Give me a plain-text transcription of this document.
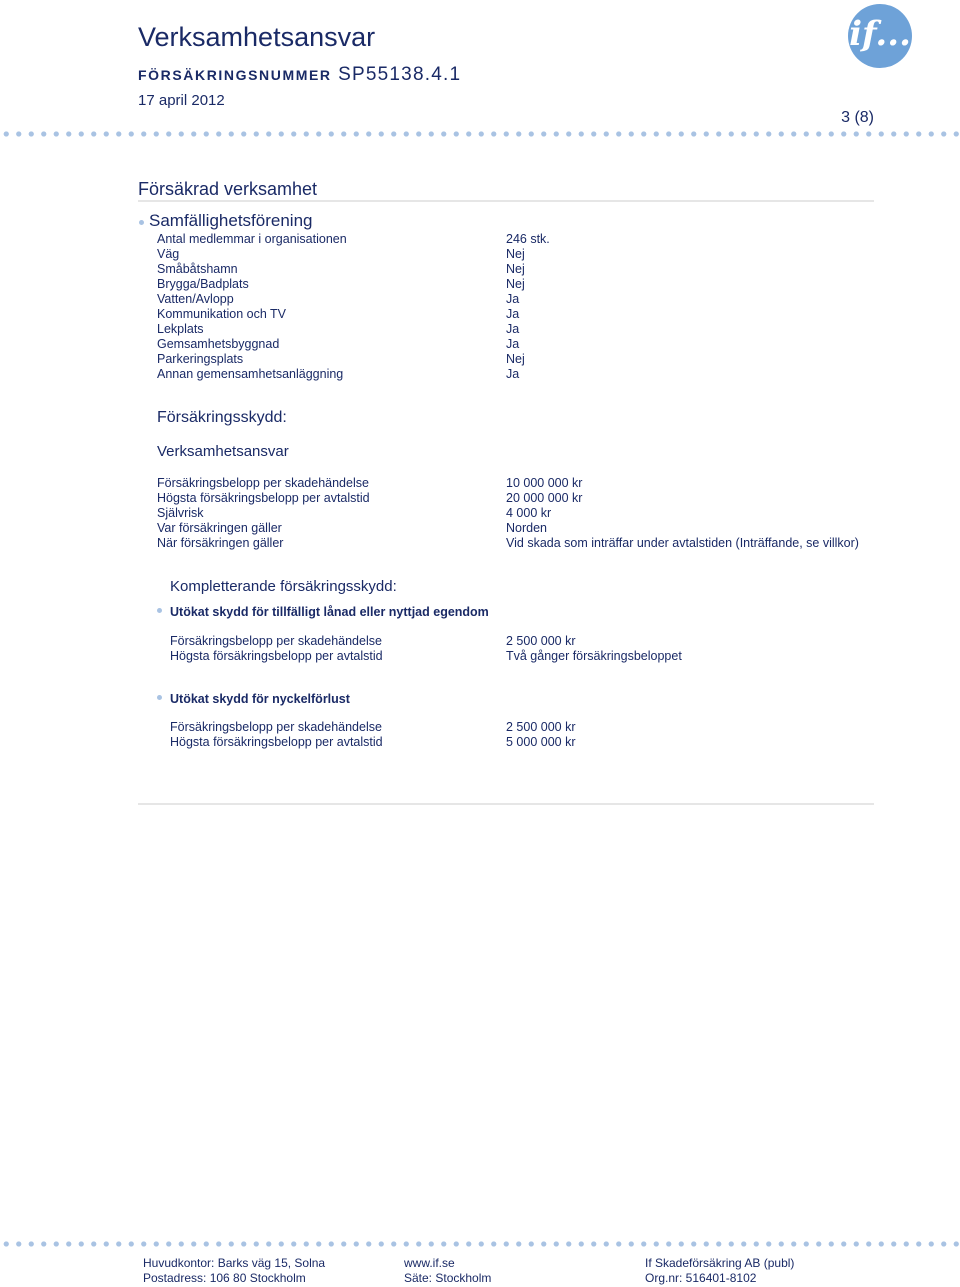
Verksamhetsansvar
försäkringsnummer SP55138.4.1
17 april 2012
3 (8)
if...
Försäkrad verksamhet
Samfällighetsförening
Antal medlemmar i organisationen	246 stk.
Väg	Nej
Småbåtshamn	Nej
Brygga/Badplats	Nej
Vatten/Avlopp	Ja
Kommunikation och TV	Ja
Lekplats	Ja
Gemsamhetsbyggnad	Ja
Parkeringsplats	Nej
Annan gemensamhetsanläggning	Ja
Försäkringsskydd:
Verksamhetsansvar
Försäkringsbelopp per skadehändelse	10 000 000 kr
Högsta försäkringsbelopp per avtalstid	20 000 000 kr
Självrisk	4 000 kr
Var försäkringen gäller	Norden
När försäkringen gäller	Vid skada som inträffar under avtalstiden (Inträffande, se villkor)
Kompletterande försäkringsskydd:
Utökat skydd för tillfälligt lånad eller nyttjad egendom
Försäkringsbelopp per skadehändelse	2 500 000 kr
Högsta försäkringsbelopp per avtalstid	Två gånger försäkringsbeloppet
Utökat skydd för nyckelförlust
Försäkringsbelopp per skadehändelse	2 500 000 kr
Högsta försäkringsbelopp per avtalstid	5 000 000 kr
Huvudkontor: Barks väg 15, Solna
Postadress: 106 80 Stockholm
www.if.se
Säte: Stockholm
If Skadeförsäkring AB (publ)
Org.nr: 516401-8102
